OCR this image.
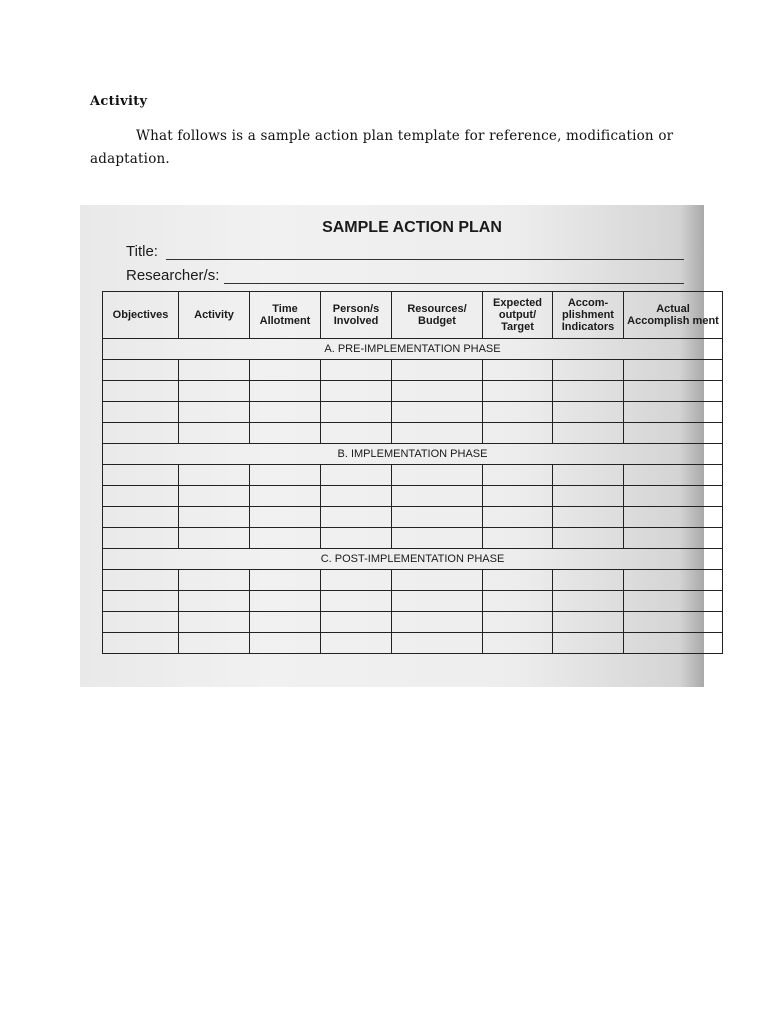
Activity
What follows is a sample action plan template for reference, modification or adaptation.
SAMPLE ACTION PLAN
Title:
Researcher/s:
Objectives	Activity	Time Allotment	Person/s Involved	Resources/ Budget	Expected output/ Target	Accom- plishment Indicators	Actual Accomplish ment
A. PRE-IMPLEMENTATION PHASE							

B. IMPLEMENTATION PHASE							

C. POST-IMPLEMENTATION PHASE							
